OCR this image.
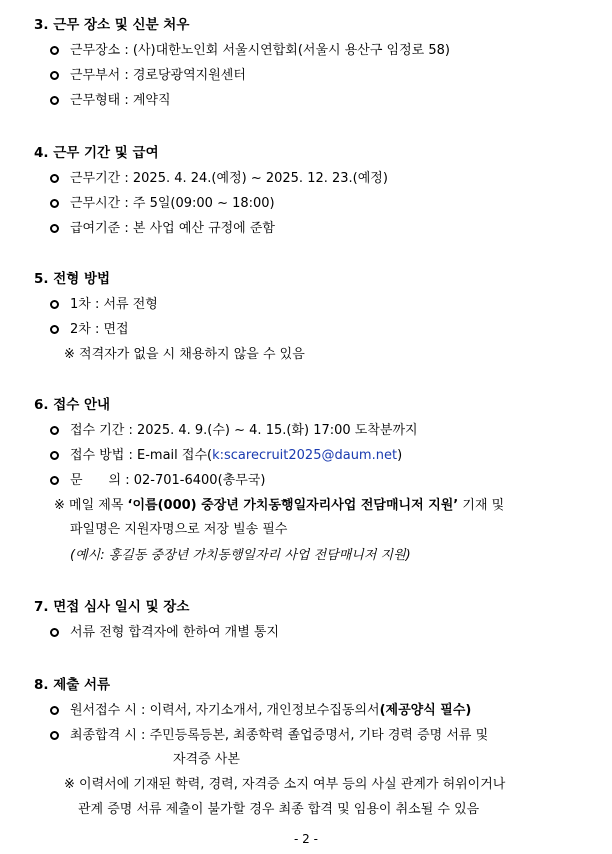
3. 근무 장소 및 신분 처우
근무장소 : (사)대한노인회 서울시연합회(서울시 용산구 임정로 58)
근무부서 : 경로당광역지원센터
근무형태 : 계약직
4. 근무 기간 및 급여
근무기간 : 2025. 4. 24.(예정) ~ 2025. 12. 23.(예정)
근무시간 : 주 5일(09:00 ~ 18:00)
급여기준 : 본 사업 예산 규정에 준함
5. 전형 방법
1차 : 서류 전형
2차 : 면접
※ 적격자가 없을 시 채용하지 않을 수 있음
6. 접수 안내
접수 기간 : 2025. 4. 9.(수) ~ 4. 15.(화) 17:00 도착분까지
접수 방법 : E-mail 접수(k:scarecruit2025@daum.net)
문　　의 : 02-701-6400(총무국)
※ 메일 제목 ‘이름(000) 중장년 가치동행일자리사업 전담매니저 지원’ 기재 및
파일명은 지원자명으로 저장 빌송 필수
(예시: 홍길동 중장년 가치동행일자리 사업 전담매니저 지원)
7. 면접 심사 일시 및 장소
서류 전형 합격자에 한하여 개별 통지
8. 제출 서류
원서접수 시 : 이력서, 자기소개서, 개인정보수집동의서(제공양식 필수)
최종합격 시 : 주민등록등본, 최종학력 졸업증명서, 기타 경력 증명 서류 및
자격증 사본
※ 이력서에 기재된 학력, 경력, 자격증 소지 여부 등의 사실 관계가 허위이거나
관계 증명 서류 제출이 불가할 경우 최종 합격 및 임용이 취소될 수 있음
- 2 -
